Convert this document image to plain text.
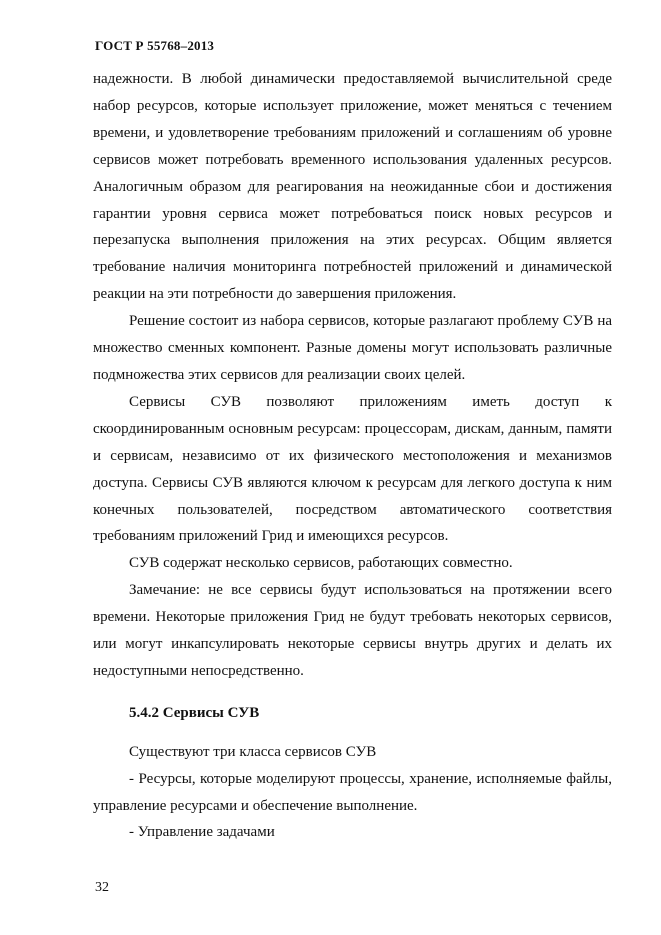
ГОСТ Р 55768–2013

надежности. В любой динамически предоставляемой вычислительной среде набор ресурсов, которые использует приложение, может меняться с течением времени, и удовлетворение требованиям приложений и соглашениям об уровне сервисов может потребовать временного использования удаленных ресурсов. Аналогичным образом для реагирования на неожиданные сбои и достижения гарантии уровня сервиса может потребоваться поиск новых ресурсов и перезапуска выполнения приложения на этих ресурсах. Общим является требование наличия мониторинга потребностей приложений и динамической реакции на эти потребности до завершения приложения.

Решение состоит из набора сервисов, которые разлагают проблему СУВ на множество сменных компонент. Разные домены могут использовать различные подмножества этих сервисов для реализации своих целей.

Сервисы СУВ позволяют приложениям иметь доступ к скоординированным основным ресурсам: процессорам, дискам, данным, памяти и сервисам, независимо от их физического местоположения и механизмов доступа. Сервисы СУВ являются ключом к ресурсам для легкого доступа к ним конечных пользователей, посредством автоматического соответствия требованиям приложений Грид и имеющихся ресурсов.

СУВ содержат несколько сервисов, работающих совместно.

Замечание: не все сервисы будут использоваться на протяжении всего времени. Некоторые приложения Грид не будут требовать некоторых сервисов, или могут инкапсулировать некоторые сервисы внутрь других и делать их недоступными непосредственно.

5.4.2 Сервисы СУВ

Существуют три класса сервисов СУВ

- Ресурсы, которые моделируют процессы, хранение, исполняемые файлы, управление ресурсами и обеспечение выполнение.

- Управление задачами

32
